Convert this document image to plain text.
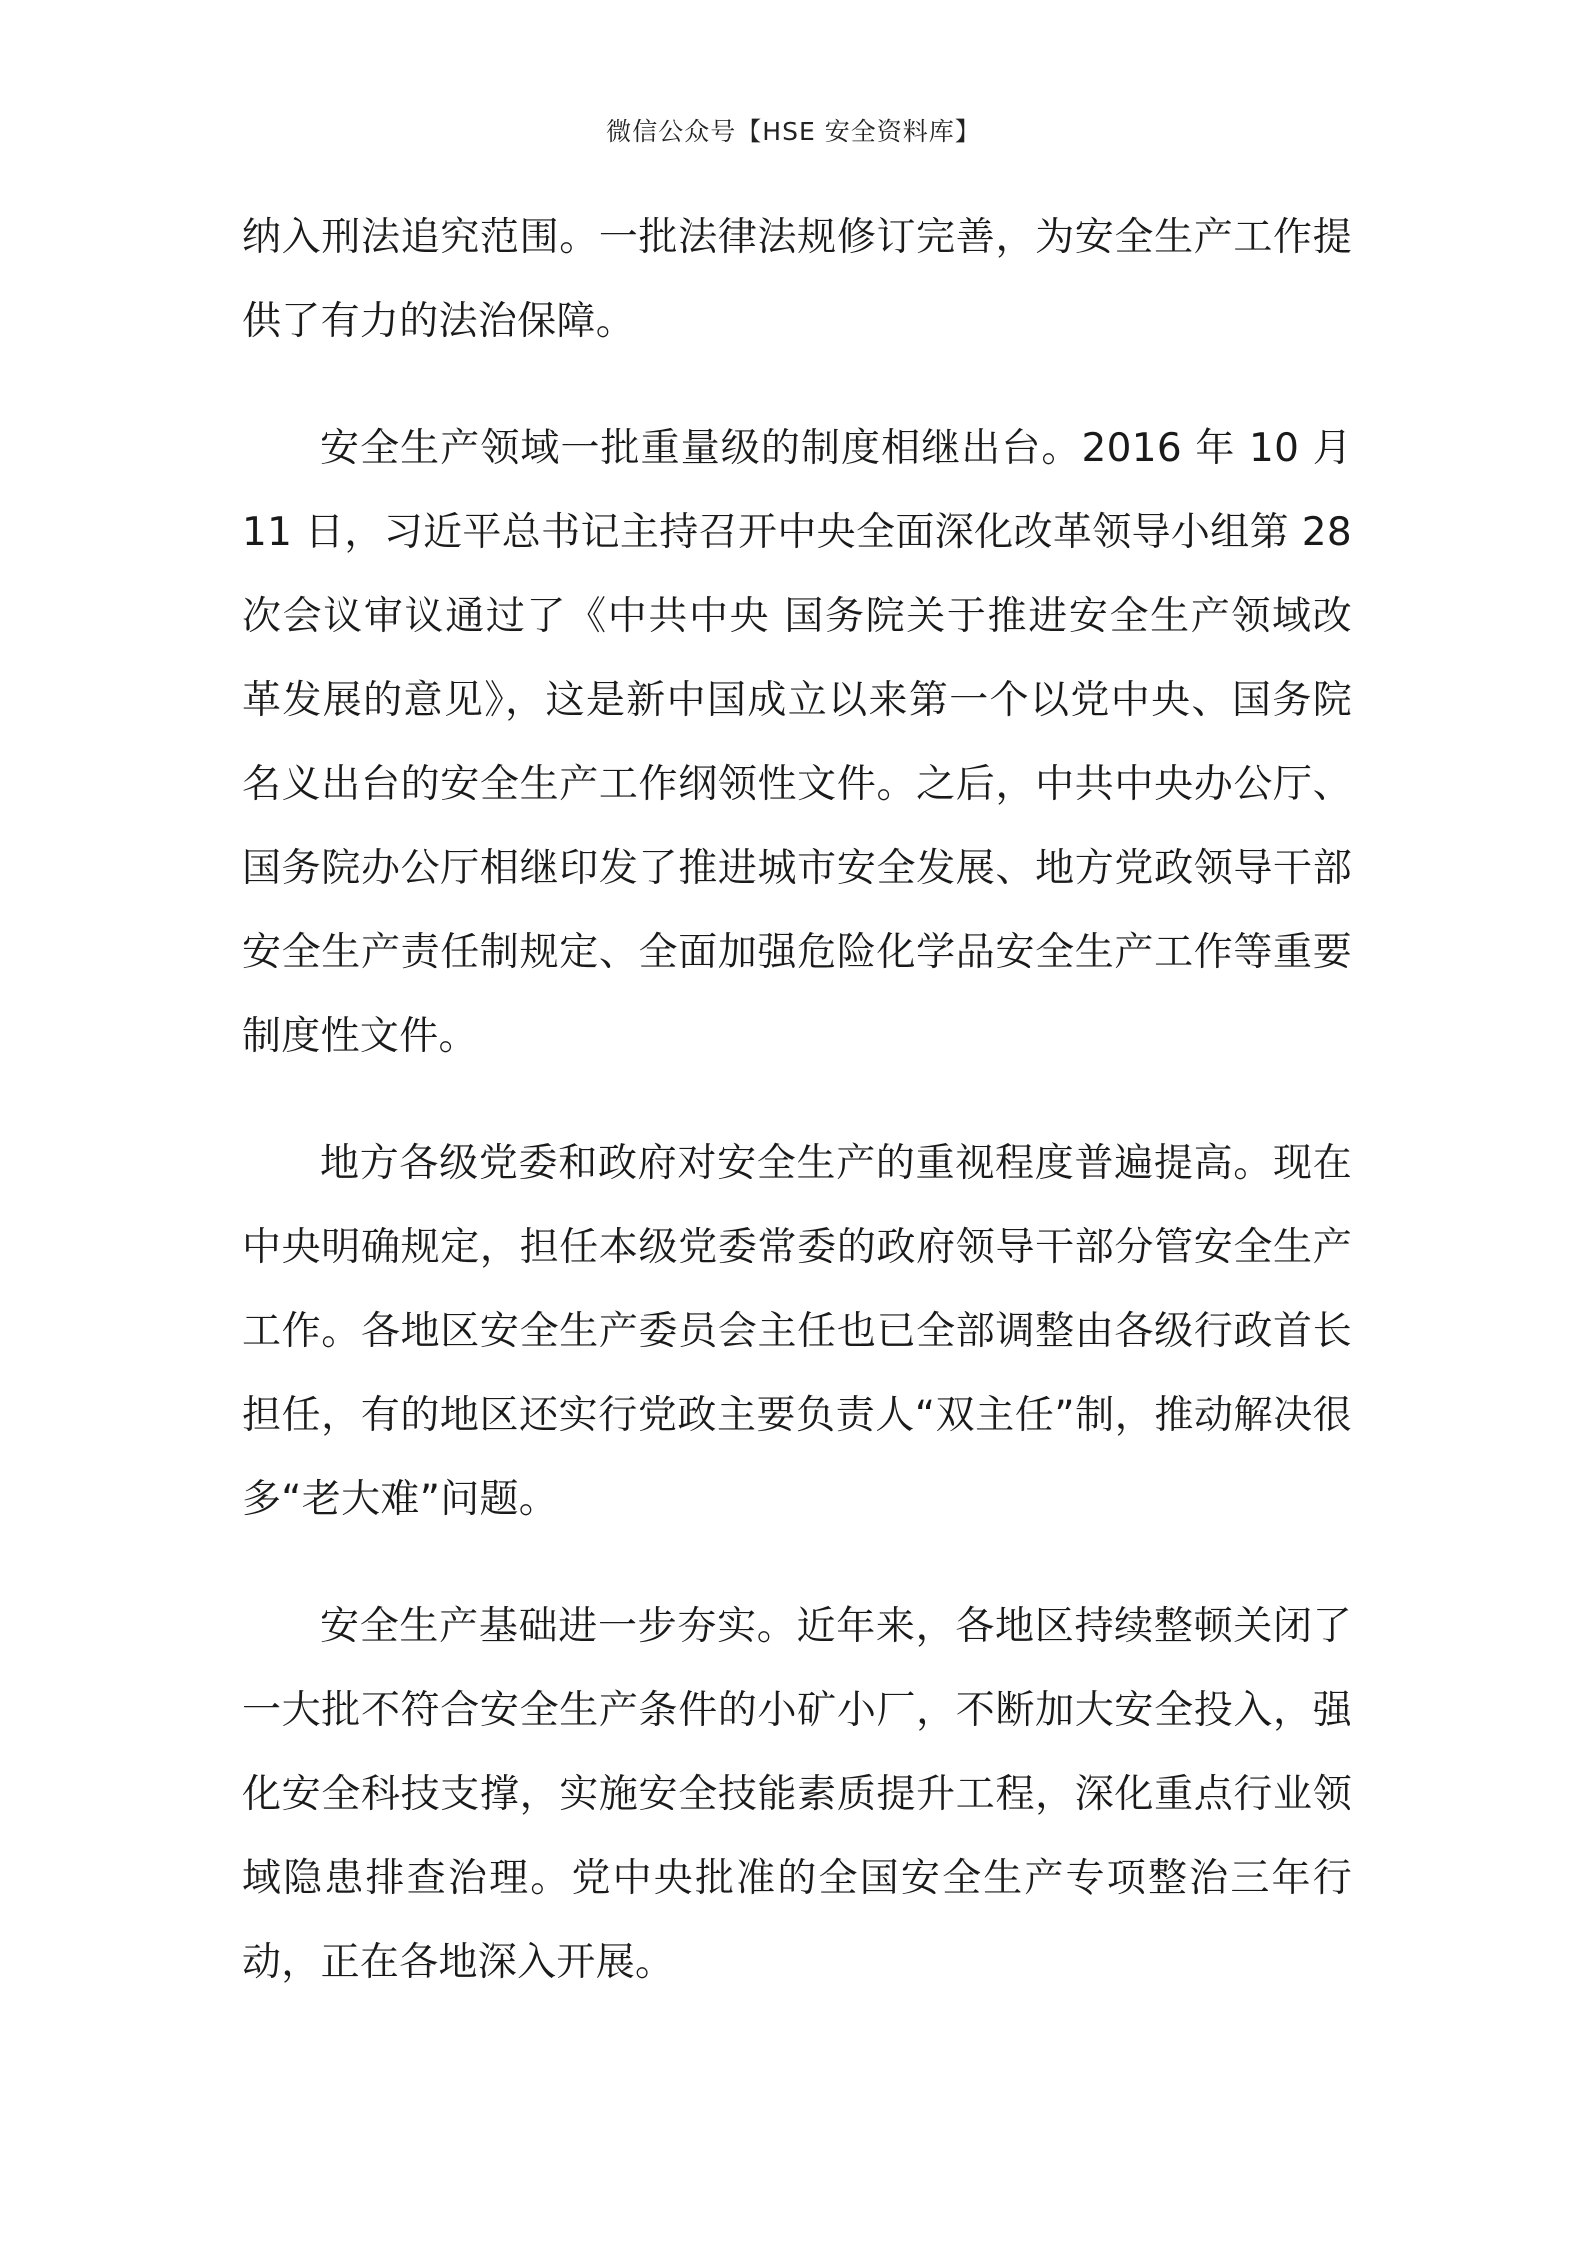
微信公众号【HSE 安全资料库】

纳入刑法追究范围。一批法律法规修订完善，为安全生产工作提供了有力的法治保障。

安全生产领域一批重量级的制度相继出台。2016 年 10 月 11 日，习近平总书记主持召开中央全面深化改革领导小组第 28 次会议审议通过了《中共中央 国务院关于推进安全生产领域改革发展的意见》，这是新中国成立以来第一个以党中央、国务院名义出台的安全生产工作纲领性文件。之后，中共中央办公厅、国务院办公厅相继印发了推进城市安全发展、地方党政领导干部安全生产责任制规定、全面加强危险化学品安全生产工作等重要制度性文件。

地方各级党委和政府对安全生产的重视程度普遍提高。现在中央明确规定，担任本级党委常委的政府领导干部分管安全生产工作。各地区安全生产委员会主任也已全部调整由各级行政首长担任，有的地区还实行党政主要负责人“双主任”制，推动解决很多“老大难”问题。

安全生产基础进一步夯实。近年来，各地区持续整顿关闭了一大批不符合安全生产条件的小矿小厂，不断加大安全投入，强化安全科技支撑，实施安全技能素质提升工程，深化重点行业领域隐患排查治理。党中央批准的全国安全生产专项整治三年行动，正在各地深入开展。
